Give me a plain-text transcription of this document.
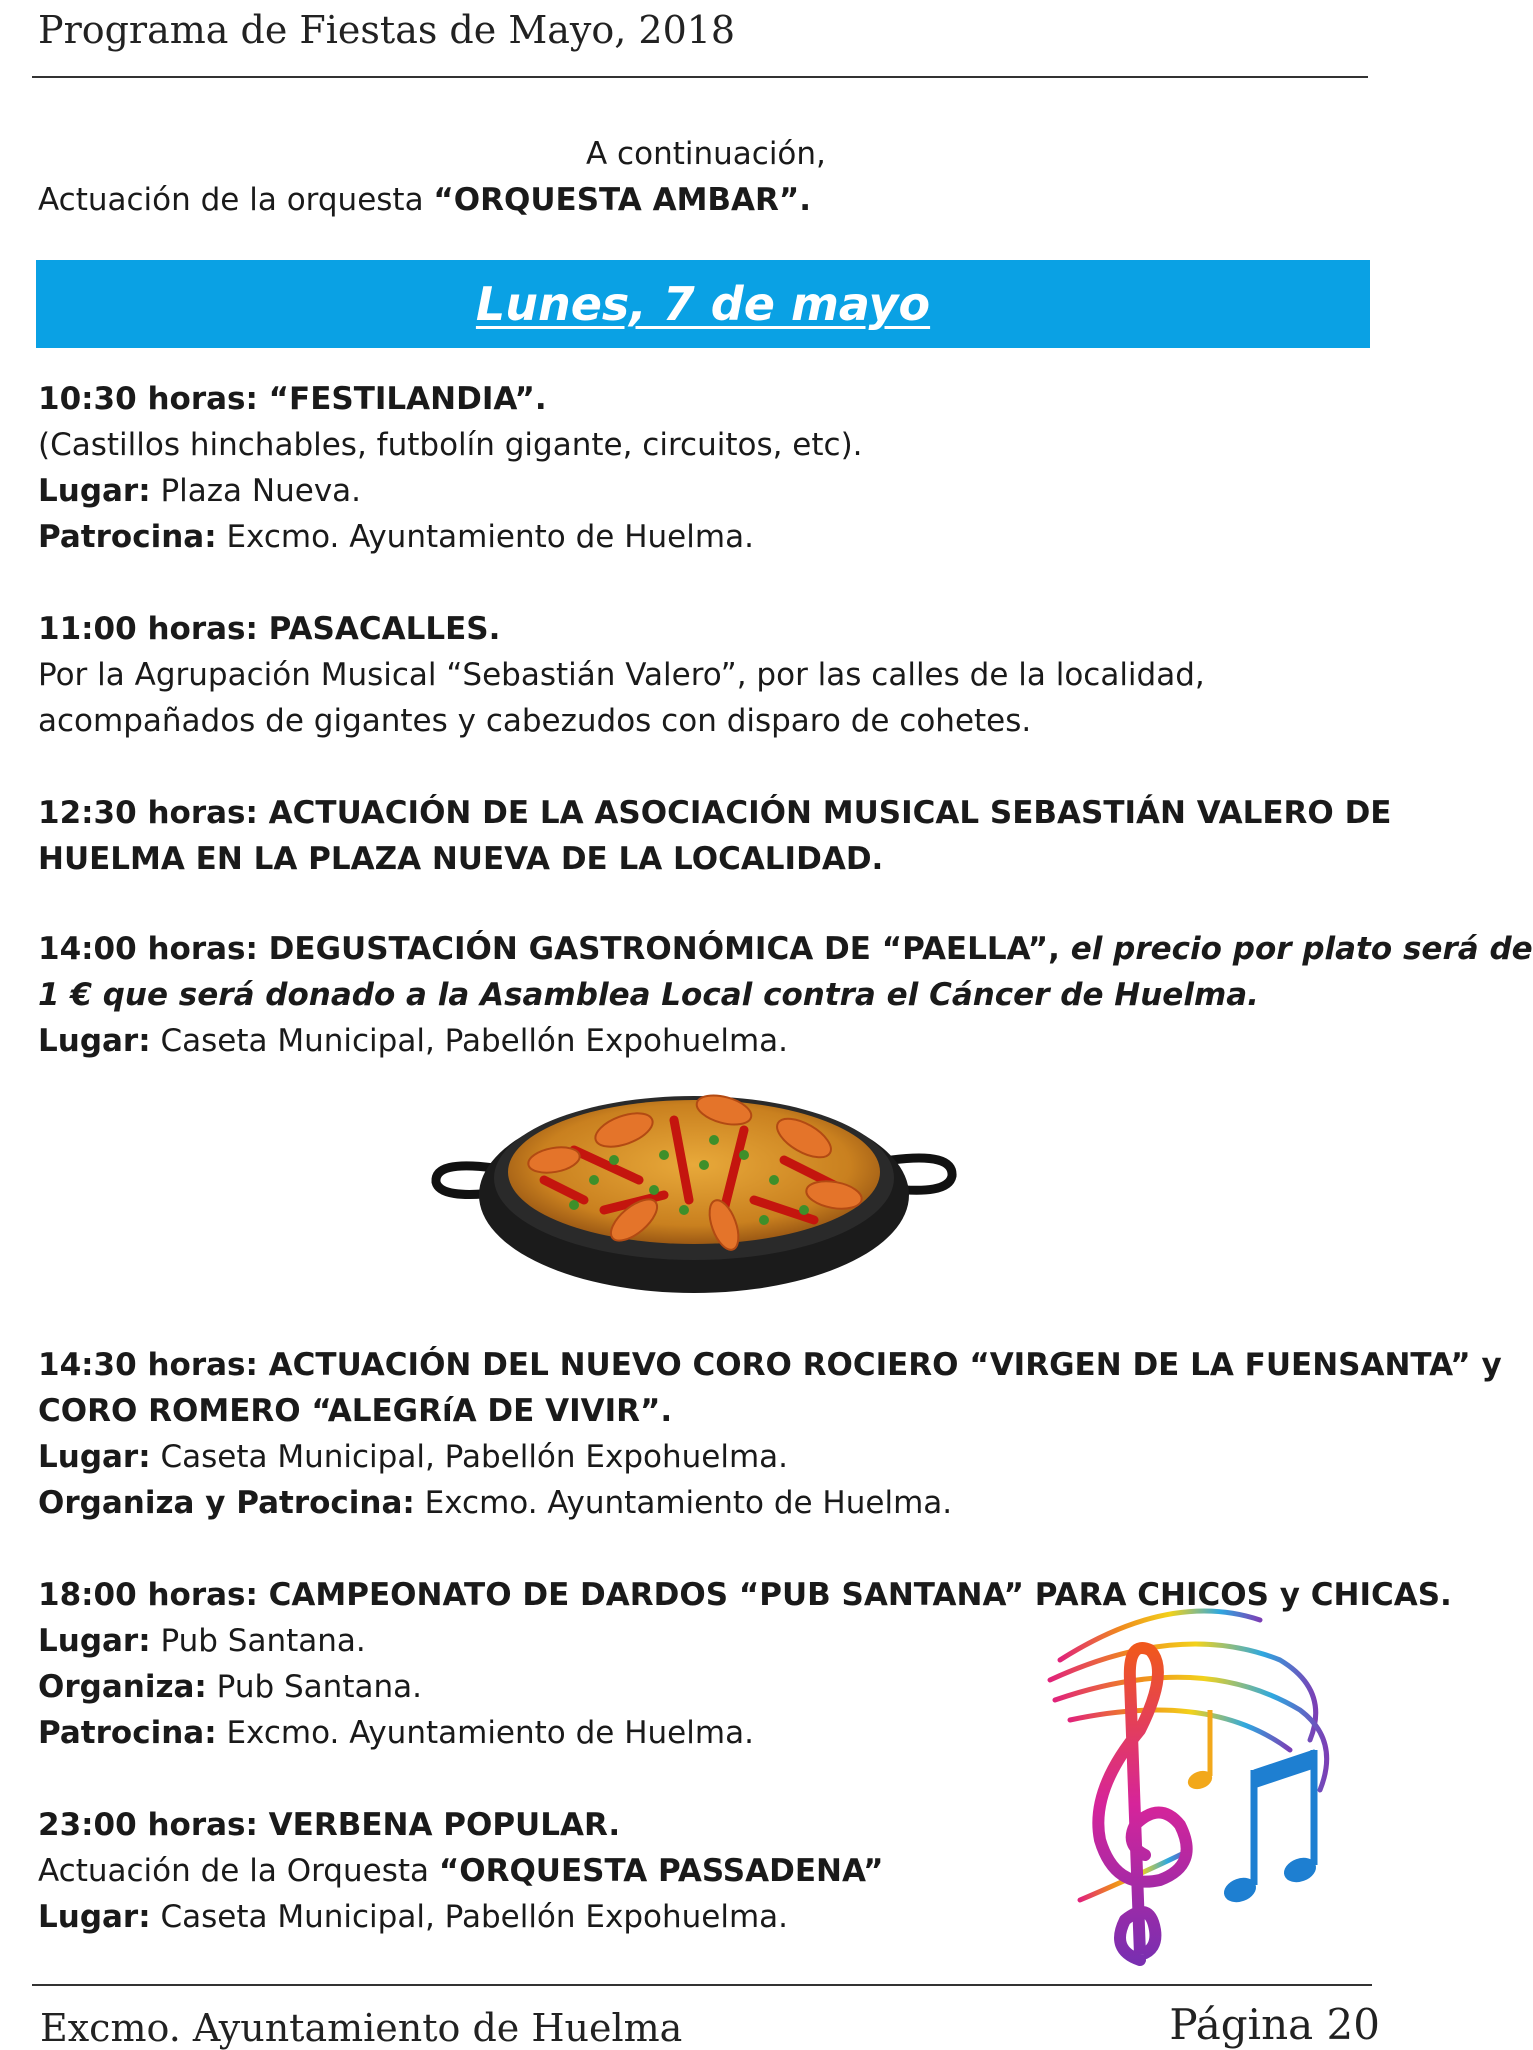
Programa de Fiestas de Mayo, 2018
A continuación,
Actuación de la orquesta “ORQUESTA AMBAR”.
Lunes, 7 de mayo
10:30 horas: “FESTILANDIA”.
(Castillos hinchables, futbolín gigante, circuitos, etc).
Lugar: Plaza Nueva.
Patrocina: Excmo. Ayuntamiento de Huelma.
11:00 horas: PASACALLES.
Por la Agrupación Musical “Sebastián Valero”, por las calles de la localidad,
acompañados de gigantes y cabezudos con disparo de cohetes.
12:30 horas: ACTUACIÓN DE LA ASOCIACIÓN MUSICAL SEBASTIÁN VALERO DE
HUELMA EN LA PLAZA NUEVA DE LA LOCALIDAD.
14:00 horas: DEGUSTACIÓN GASTRONÓMICA DE “PAELLA”, el precio por plato será de
1 € que será donado a la Asamblea Local contra el Cáncer de Huelma.
Lugar: Caseta Municipal, Pabellón Expohuelma.
14:30 horas: ACTUACIÓN DEL NUEVO CORO ROCIERO “VIRGEN DE LA FUENSANTA” y
CORO ROMERO “ALEGRíA DE VIVIR”.
Lugar: Caseta Municipal, Pabellón Expohuelma.
Organiza y Patrocina: Excmo. Ayuntamiento de Huelma.
18:00 horas: CAMPEONATO DE DARDOS “PUB SANTANA” PARA CHICOS y CHICAS.
Lugar: Pub Santana.
Organiza: Pub Santana.
Patrocina: Excmo. Ayuntamiento de Huelma.
23:00 horas: VERBENA POPULAR.
Actuación de la Orquesta “ORQUESTA PASSADENA”
Lugar: Caseta Municipal, Pabellón Expohuelma.
Excmo. Ayuntamiento de Huelma	Página 20
